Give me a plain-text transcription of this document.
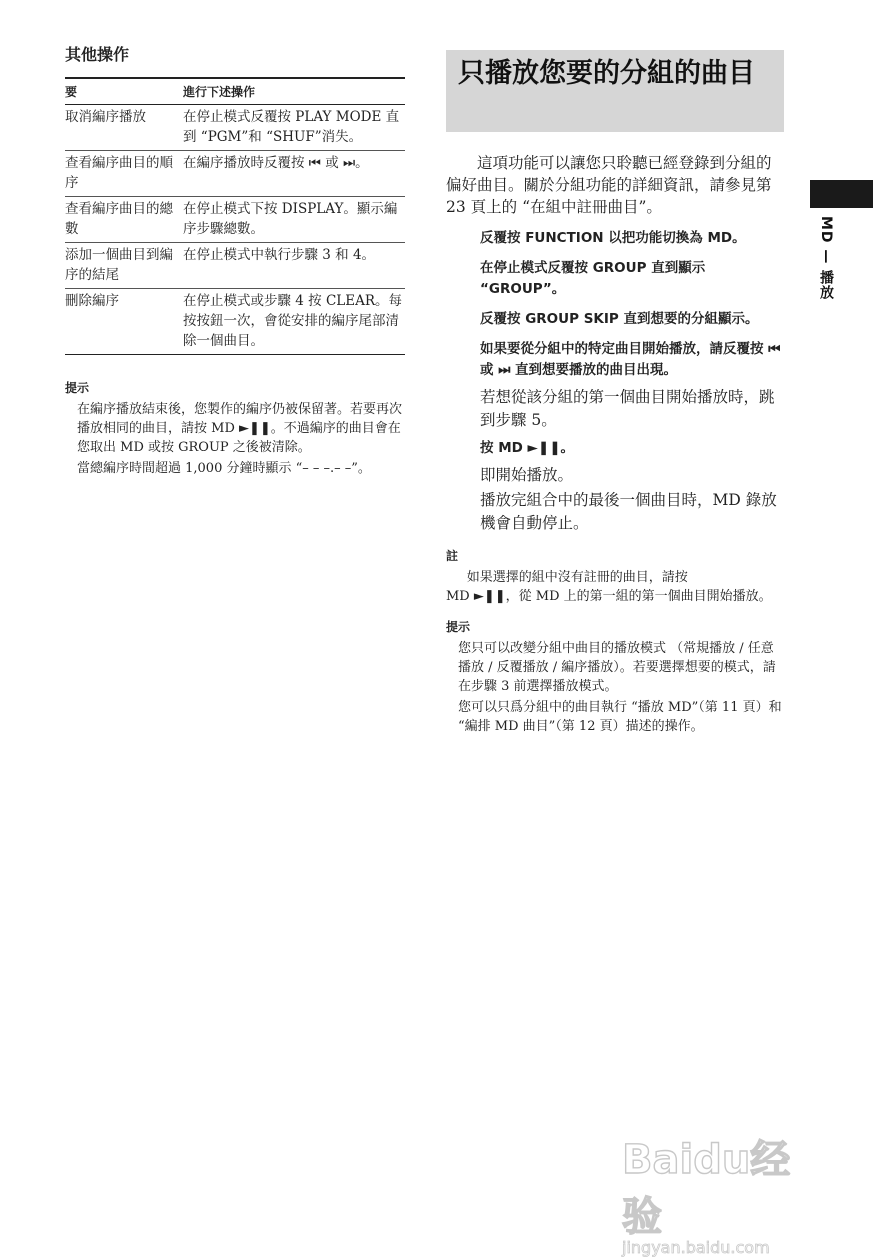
其他操作
要	進行下述操作
取消編序播放	在停止模式反覆按 PLAY MODE 直到 “PGM”和 “SHUF”消失。
查看編序曲目的順序	在編序播放時反覆按 ⏮ 或 ⏭。
查看編序曲目的總數	在停止模式下按 DISPLAY。顯示編序步驟總數。
添加一個曲目到編序的結尾	在停止模式中執行步驟 3 和 4。
刪除編序	在停止模式或步驟 4 按 CLEAR。每按按鈕一次，會從安排的編序尾部清除一個曲目。
提示

在編序播放結束後，您製作的編序仍被保留著。若要再次播放相同的曲目，請按 MD ►❚❚。不過編序的曲目會在您取出 MD 或按 GROUP 之後被清除。

當總編序時間超過 1,000 分鐘時顯示 “– – –.– –”。

只播放您要的分組的曲目

這項功能可以讓您只聆聽已經登錄到分組的偏好曲目。關於分組功能的詳細資訊，請參見第 23 頁上的 “在組中註冊曲目”。

反覆按 FUNCTION 以把功能切換為 MD。
在停止模式反覆按 GROUP 直到顯示 “GROUP”。
反覆按 GROUP SKIP 直到想要的分組顯示。
如果要從分組中的特定曲目開始播放，請反覆按 ⏮ 或 ⏭ 直到想要播放的曲目出現。
若想從該分組的第一個曲目開始播放時，跳到步驟 5。
按 MD ►❚❚。
即開始播放。
播放完組合中的最後一個曲目時，MD 錄放機會自動停止。
註

如果選擇的組中沒有註冊的曲目，請按

MD ►❚❚，從 MD 上的第一組的第一個曲目開始播放。

提示

您只可以改變分組中曲目的播放模式 （常規播放 / 任意播放 / 反覆播放 / 編序播放）。若要選擇想要的模式，請在步驟 3 前選擇播放模式。

您可以只爲分組中的曲目執行 “播放 MD”（第 11 頁）和 “編排 MD 曲目”（第 12 頁）描述的操作。

MD — 播放
Baidu经验
jingyan.baidu.com
